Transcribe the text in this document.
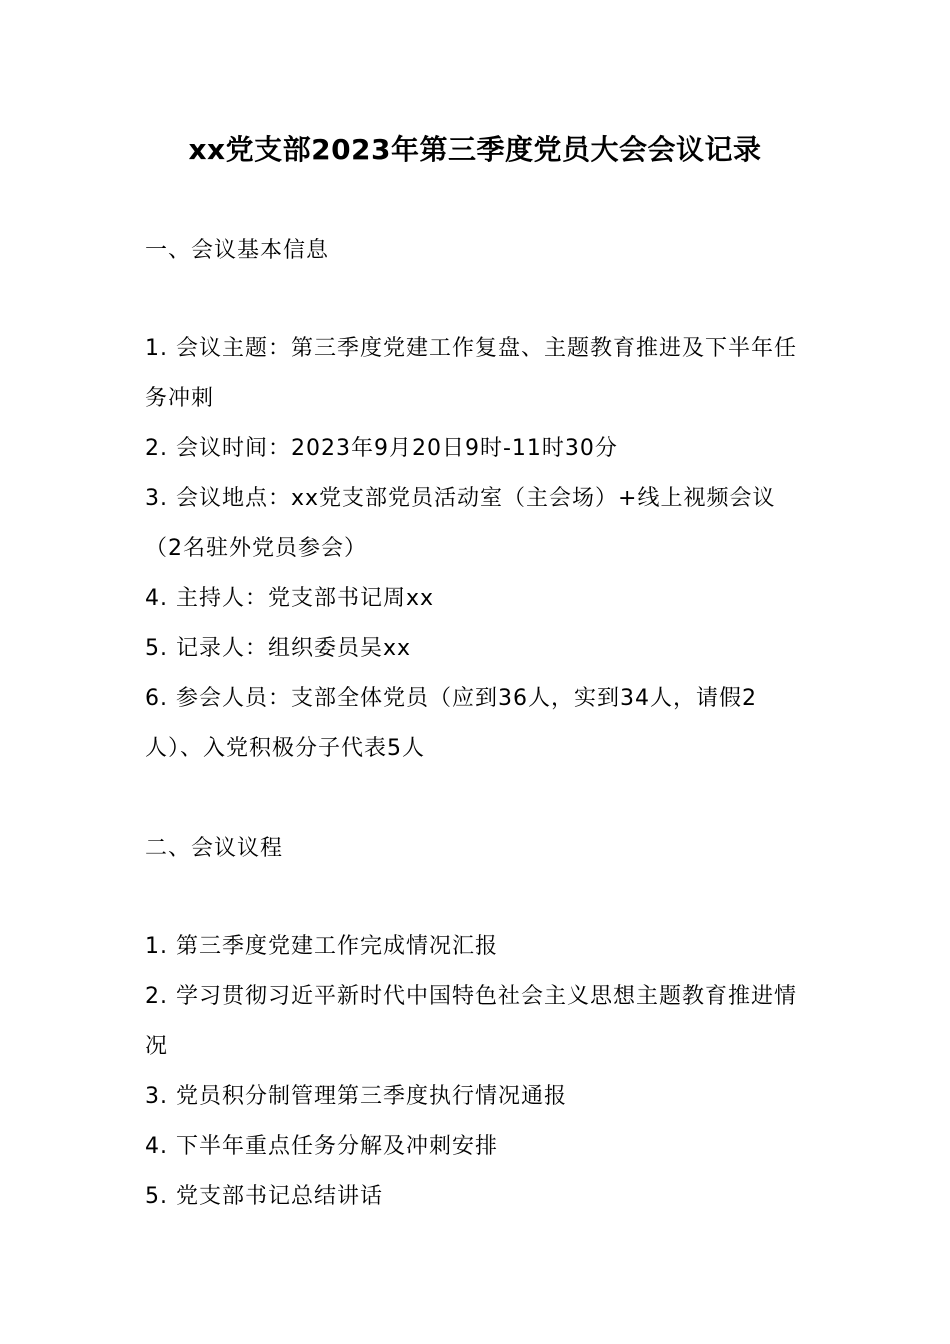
xx党支部2023年第三季度党员大会会议记录
一、会议基本信息
1. 会议主题：第三季度党建工作复盘、主题教育推进及下半年任务冲刺
2. 会议时间：2023年9月20日9时-11时30分
3. 会议地点：xx党支部党员活动室（主会场）+线上视频会议（2名驻外党员参会）
4. 主持人：党支部书记周xx
5. 记录人：组织委员吴xx
6. 参会人员：支部全体党员（应到36人，实到34人，请假2人）、入党积极分子代表5人
二、会议议程
1. 第三季度党建工作完成情况汇报
2. 学习贯彻习近平新时代中国特色社会主义思想主题教育推进情况
3. 党员积分制管理第三季度执行情况通报
4. 下半年重点任务分解及冲刺安排
5. 党支部书记总结讲话
